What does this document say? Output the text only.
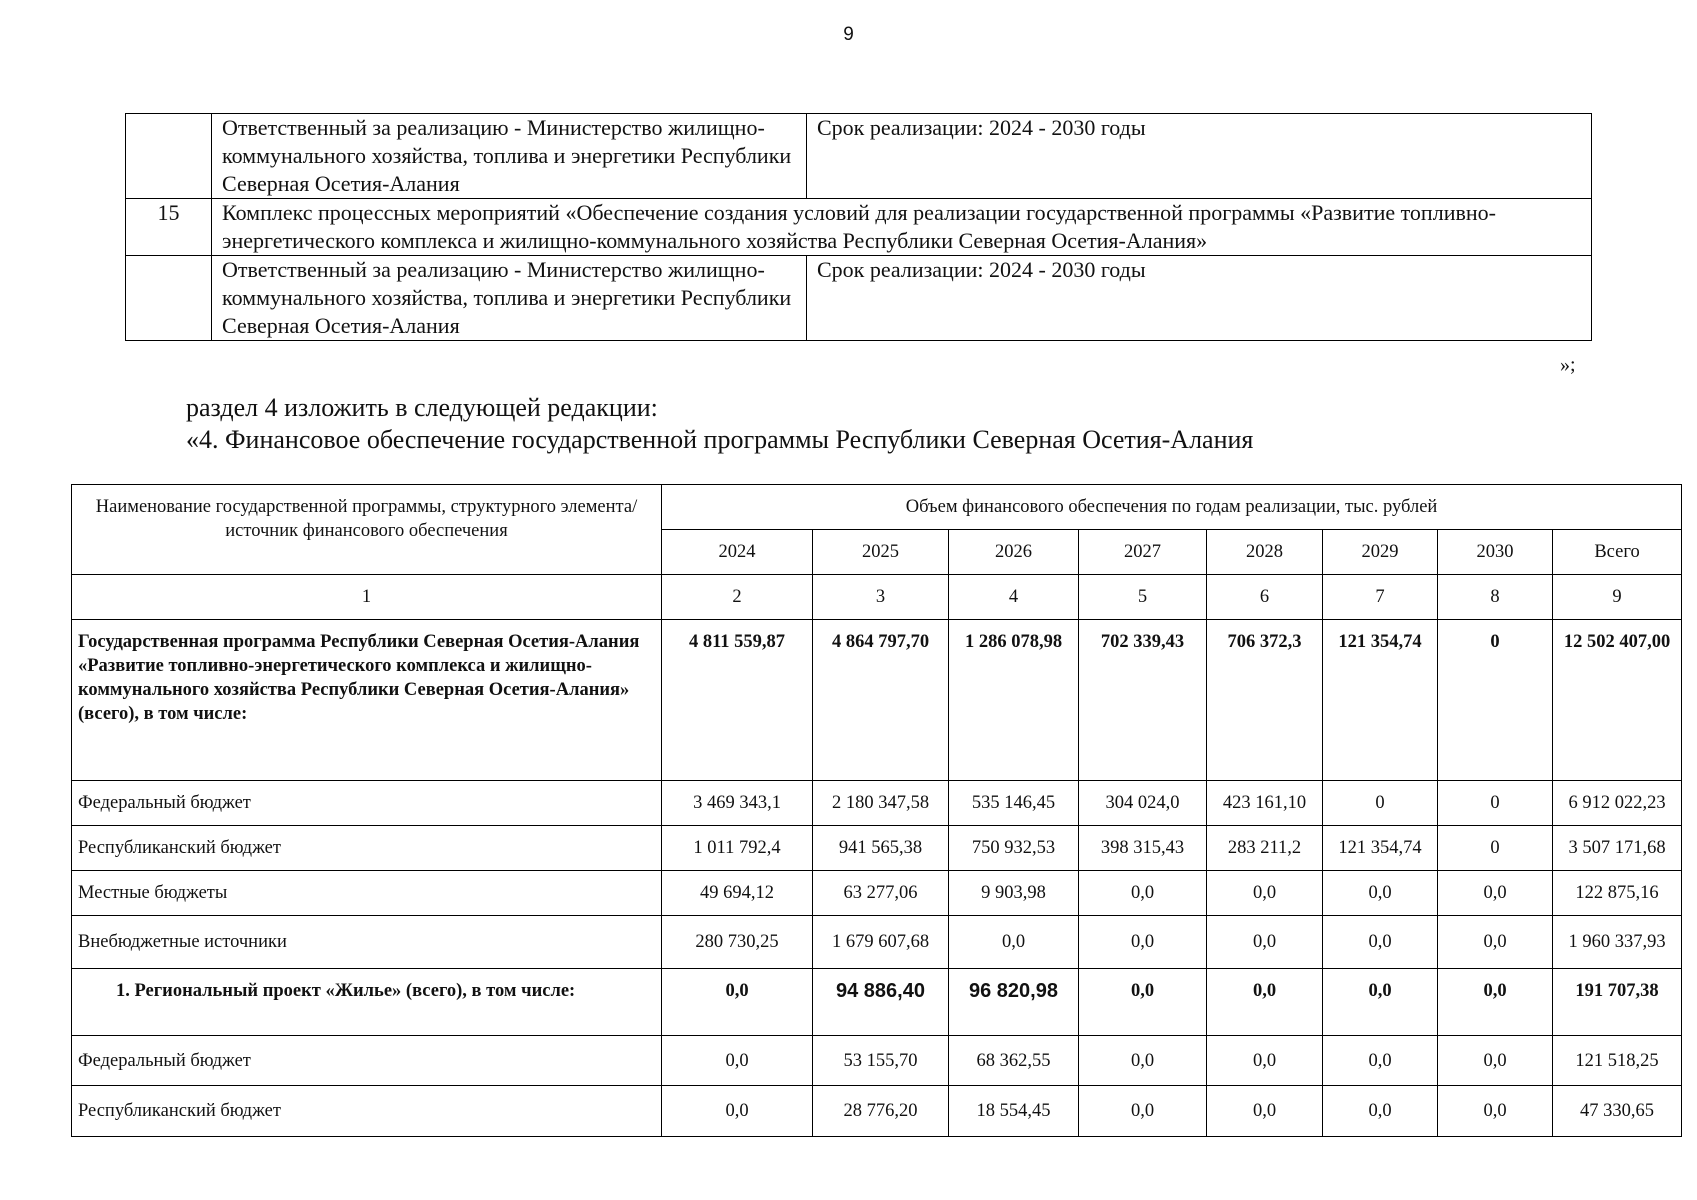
9
	Ответственный за реализацию - Министерство жилищно-коммунального хозяйства, топлива и энергетики Республики Северная Осетия-Алания	Срок реализации: 2024 - 2030 годы
15	Комплекс процессных мероприятий «Обеспечение создания условий для реализации государственной программы «Развитие топливно-энергетического комплекса и жилищно-коммунального хозяйства Республики Северная Осетия-Алания»	
	Ответственный за реализацию - Министерство жилищно-коммунального хозяйства, топлива и энергетики Республики Северная Осетия-Алания	Срок реализации: 2024 - 2030 годы
»;
раздел 4 изложить в следующей редакции:
«4. Финансовое обеспечение государственной программы Республики Северная Осетия-Алания
Наименование государственной программы, структурного элемента/источник финансового обеспечения	Объем финансового обеспечения по годам реализации, тыс. рублей							
	2024	2025	2026	2027	2028	2029	2030	Всего
1	2	3	4	5	6	7	8	9
Государственная программа Республики Северная Осетия-Алания «Развитие топливно-энергетического комплекса и жилищно-коммунального хозяйства Республики Северная Осетия-Алания» (всего), в том числе:	4 811 559,87	4 864 797,70	1 286 078,98	702 339,43	706 372,3	121 354,74	0	12 502 407,00
Федеральный бюджет	3 469 343,1	2 180 347,58	535 146,45	304 024,0	423 161,10	0	0	6 912 022,23
Республиканский бюджет	1 011 792,4	941 565,38	750 932,53	398 315,43	283 211,2	121 354,74	0	3 507 171,68
Местные бюджеты	49 694,12	63 277,06	9 903,98	0,0	0,0	0,0	0,0	122 875,16
Внебюджетные источники	280 730,25	1 679 607,68	0,0	0,0	0,0	0,0	0,0	1 960 337,93
1. Региональный проект «Жилье» (всего), в том числе:	0,0	94 886,40	96 820,98	0,0	0,0	0,0	0,0	191 707,38
Федеральный бюджет	0,0	53 155,70	68 362,55	0,0	0,0	0,0	0,0	121 518,25
Республиканский бюджет	0,0	28 776,20	18 554,45	0,0	0,0	0,0	0,0	47 330,65
